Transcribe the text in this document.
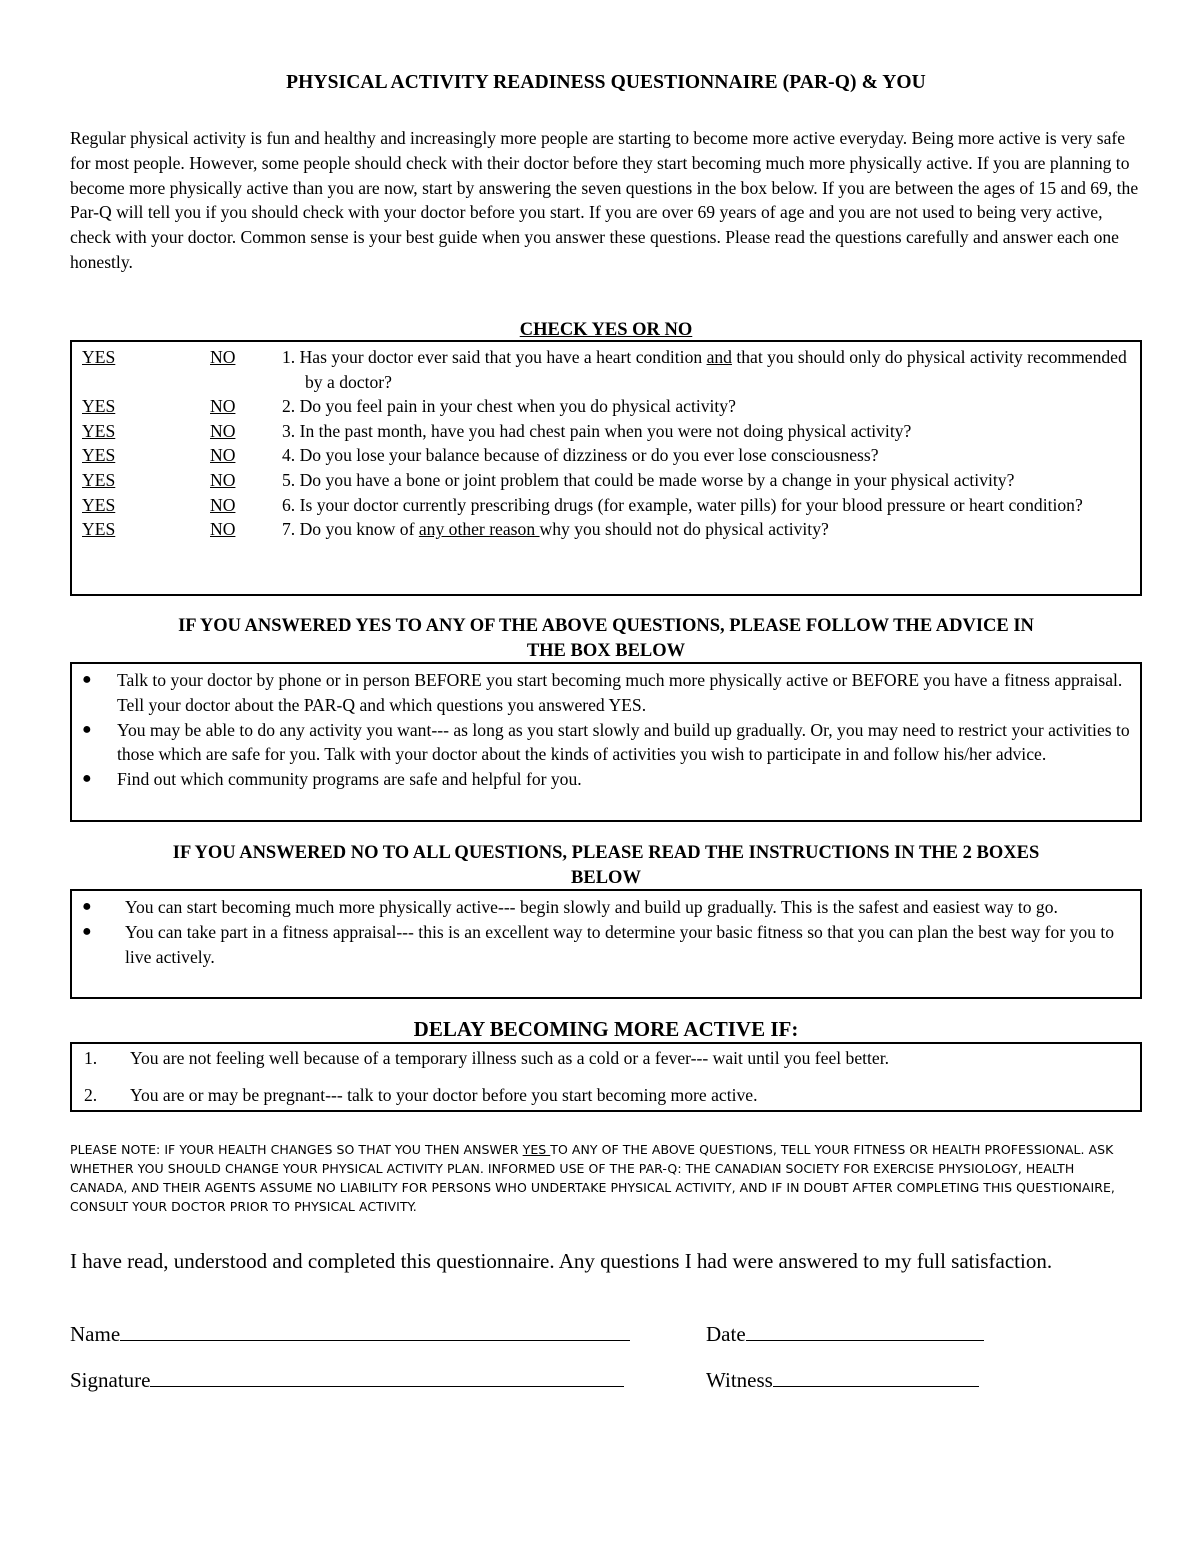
PHYSICAL ACTIVITY READINESS QUESTIONNAIRE (PAR-Q) & YOU

Regular physical activity is fun and healthy and increasingly more people are starting to become more active everyday. Being more active is very safe for most people. However, some people should check with their doctor before they start becoming much more physically active. If you are planning to become more physically active than you are now, start by answering the seven questions in the box below. If you are between the ages of 15 and 69, the Par-Q will tell you if you should check with your doctor before you start. If you are over 69 years of age and you are not used to being very active, check with your doctor. Common sense is your best guide when you answer these questions. Please read the questions carefully and answer each one honestly.

CHECK YES OR NO
YES	NO	1. Has your doctor ever said that you have a heart condition and that you should only do physical activity recommended by a doctor?
YES	NO	2. Do you feel pain in your chest when you do physical activity?
YES	NO	3. In the past month, have you had chest pain when you were not doing physical activity?
YES	NO	4. Do you lose your balance because of dizziness or do you ever lose consciousness?
YES	NO	5. Do you have a bone or joint problem that could be made worse by a change in your physical activity?
YES	NO	6. Is your doctor currently prescribing drugs (for example, water pills) for your blood pressure or heart condition?
YES	NO	7. Do you know of any other reason why you should not do physical activity?
IF YOU ANSWERED YES TO ANY OF THE ABOVE QUESTIONS, PLEASE FOLLOW THE ADVICE IN
THE BOX BELOW
● Talk to your doctor by phone or in person BEFORE you start becoming much more physically active or BEFORE you have a fitness appraisal. Tell your doctor about the PAR-Q and which questions you answered YES.
● You may be able to do any activity you want--- as long as you start slowly and build up gradually. Or, you may need to restrict your activities to those which are safe for you. Talk with your doctor about the kinds of activities you wish to participate in and follow his/her advice.
● Find out which community programs are safe and helpful for you.
IF YOU ANSWERED NO TO ALL QUESTIONS, PLEASE READ THE INSTRUCTIONS IN THE 2 BOXES
BELOW
● You can start becoming much more physically active--- begin slowly and build up gradually. This is the safest and easiest way to go.
● You can take part in a fitness appraisal--- this is an excellent way to determine your basic fitness so that you can plan the best way for you to live actively.
DELAY BECOMING MORE ACTIVE IF:
1. You are not feeling well because of a temporary illness such as a cold or a fever--- wait until you feel better.
2. You are or may be pregnant--- talk to your doctor before you start becoming more active.

PLEASE NOTE: IF YOUR HEALTH CHANGES SO THAT YOU THEN ANSWER YES TO ANY OF THE ABOVE QUESTIONS, TELL YOUR FITNESS OR HEALTH PROFESSIONAL. ASK WHETHER YOU SHOULD CHANGE YOUR PHYSICAL ACTIVITY PLAN. INFORMED USE OF THE PAR-Q: THE CANADIAN SOCIETY FOR EXERCISE PHYSIOLOGY, HEALTH CANADA, AND THEIR AGENTS ASSUME NO LIABILITY FOR PERSONS WHO UNDERTAKE PHYSICAL ACTIVITY, AND IF IN DOUBT AFTER COMPLETING THIS QUESTIONAIRE, CONSULT YOUR DOCTOR PRIOR TO PHYSICAL ACTIVITY.

I have read, understood and completed this questionnaire. Any questions I had were answered to my full satisfaction.

Name	Date
Signature	Witness
